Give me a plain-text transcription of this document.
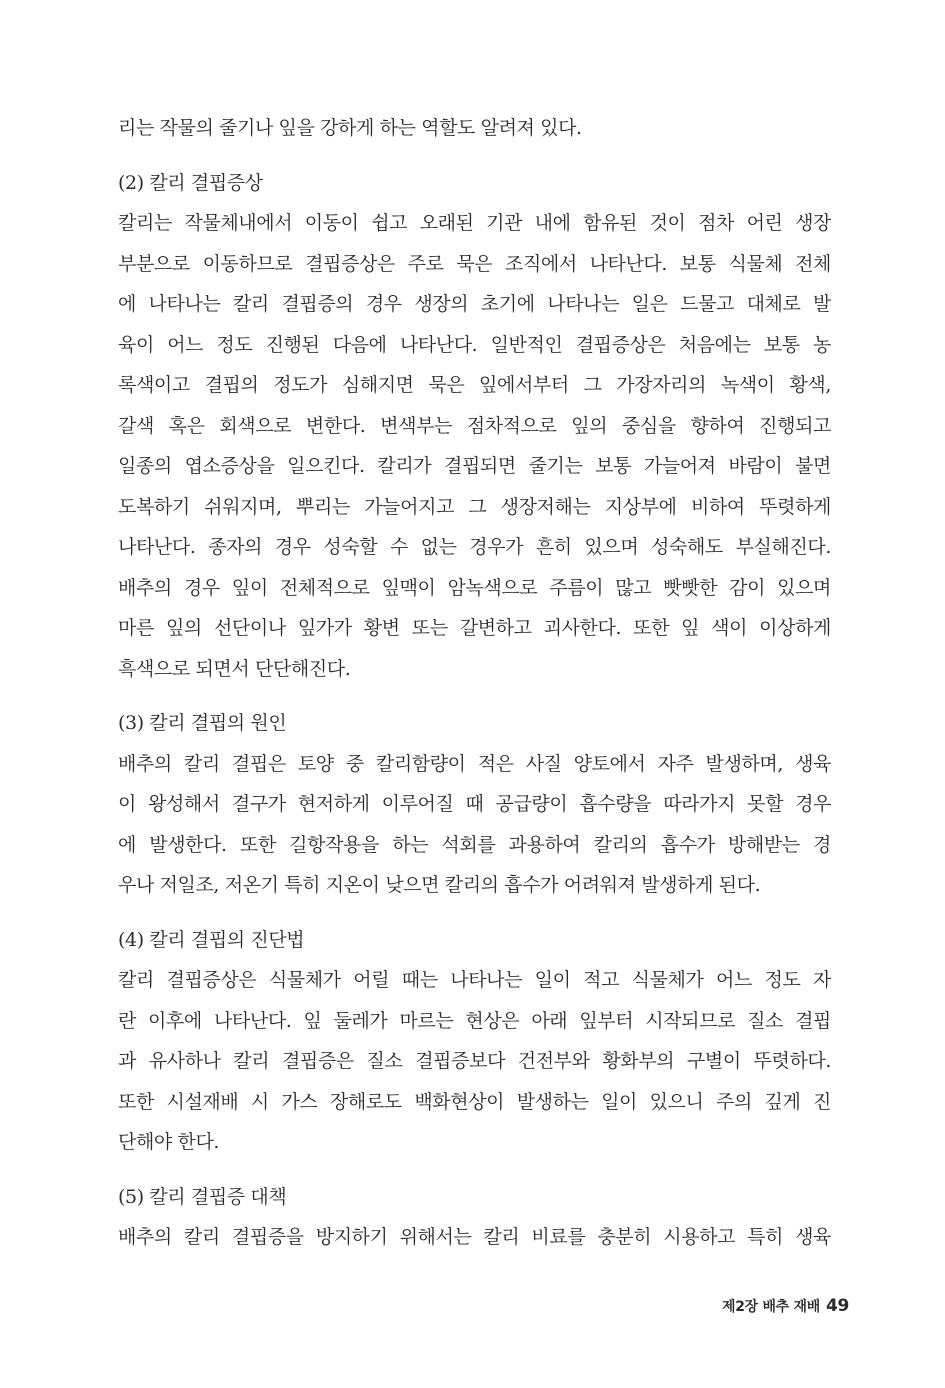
리는 작물의 줄기나 잎을 강하게 하는 역할도 알려져 있다.
(2) 칼리 결핍증상
칼리는 작물체내에서 이동이 쉽고 오래된 기관 내에 함유된 것이 점차 어린 생장
부분으로 이동하므로 결핍증상은 주로 묵은 조직에서 나타난다. 보통 식물체 전체
에 나타나는 칼리 결핍증의 경우 생장의 초기에 나타나는 일은 드물고 대체로 발
육이 어느 정도 진행된 다음에 나타난다. 일반적인 결핍증상은 처음에는 보통 농
록색이고 결핍의 정도가 심해지면 묵은 잎에서부터 그 가장자리의 녹색이 황색,
갈색 혹은 회색으로 변한다. 변색부는 점차적으로 잎의 중심을 향하여 진행되고
일종의 엽소증상을 일으킨다. 칼리가 결핍되면 줄기는 보통 가늘어져 바람이 불면
도복하기 쉬워지며, 뿌리는 가늘어지고 그 생장저해는 지상부에 비하여 뚜렷하게
나타난다. 종자의 경우 성숙할 수 없는 경우가 흔히 있으며 성숙해도 부실해진다.
배추의 경우 잎이 전체적으로 잎맥이 암녹색으로 주름이 많고 빳빳한 감이 있으며
마른 잎의 선단이나 잎가가 황변 또는 갈변하고 괴사한다. 또한 잎 색이 이상하게
흑색으로 되면서 단단해진다.
(3) 칼리 결핍의 원인
배추의 칼리 결핍은 토양 중 칼리함량이 적은 사질 양토에서 자주 발생하며, 생육
이 왕성해서 결구가 현저하게 이루어질 때 공급량이 흡수량을 따라가지 못할 경우
에 발생한다. 또한 길항작용을 하는 석회를 과용하여 칼리의 흡수가 방해받는 경
우나 저일조, 저온기 특히 지온이 낮으면 칼리의 흡수가 어려워져 발생하게 된다.
(4) 칼리 결핍의 진단법
칼리 결핍증상은 식물체가 어릴 때는 나타나는 일이 적고 식물체가 어느 정도 자
란 이후에 나타난다. 잎 둘레가 마르는 현상은 아래 잎부터 시작되므로 질소 결핍
과 유사하나 칼리 결핍증은 질소 결핍증보다 건전부와 황화부의 구별이 뚜렷하다.
또한 시설재배 시 가스 장해로도 백화현상이 발생하는 일이 있으니 주의 깊게 진
단해야 한다.
(5) 칼리 결핍증 대책
배추의 칼리 결핍증을 방지하기 위해서는 칼리 비료를 충분히 시용하고 특히 생육
제2장 배추 재배 49
